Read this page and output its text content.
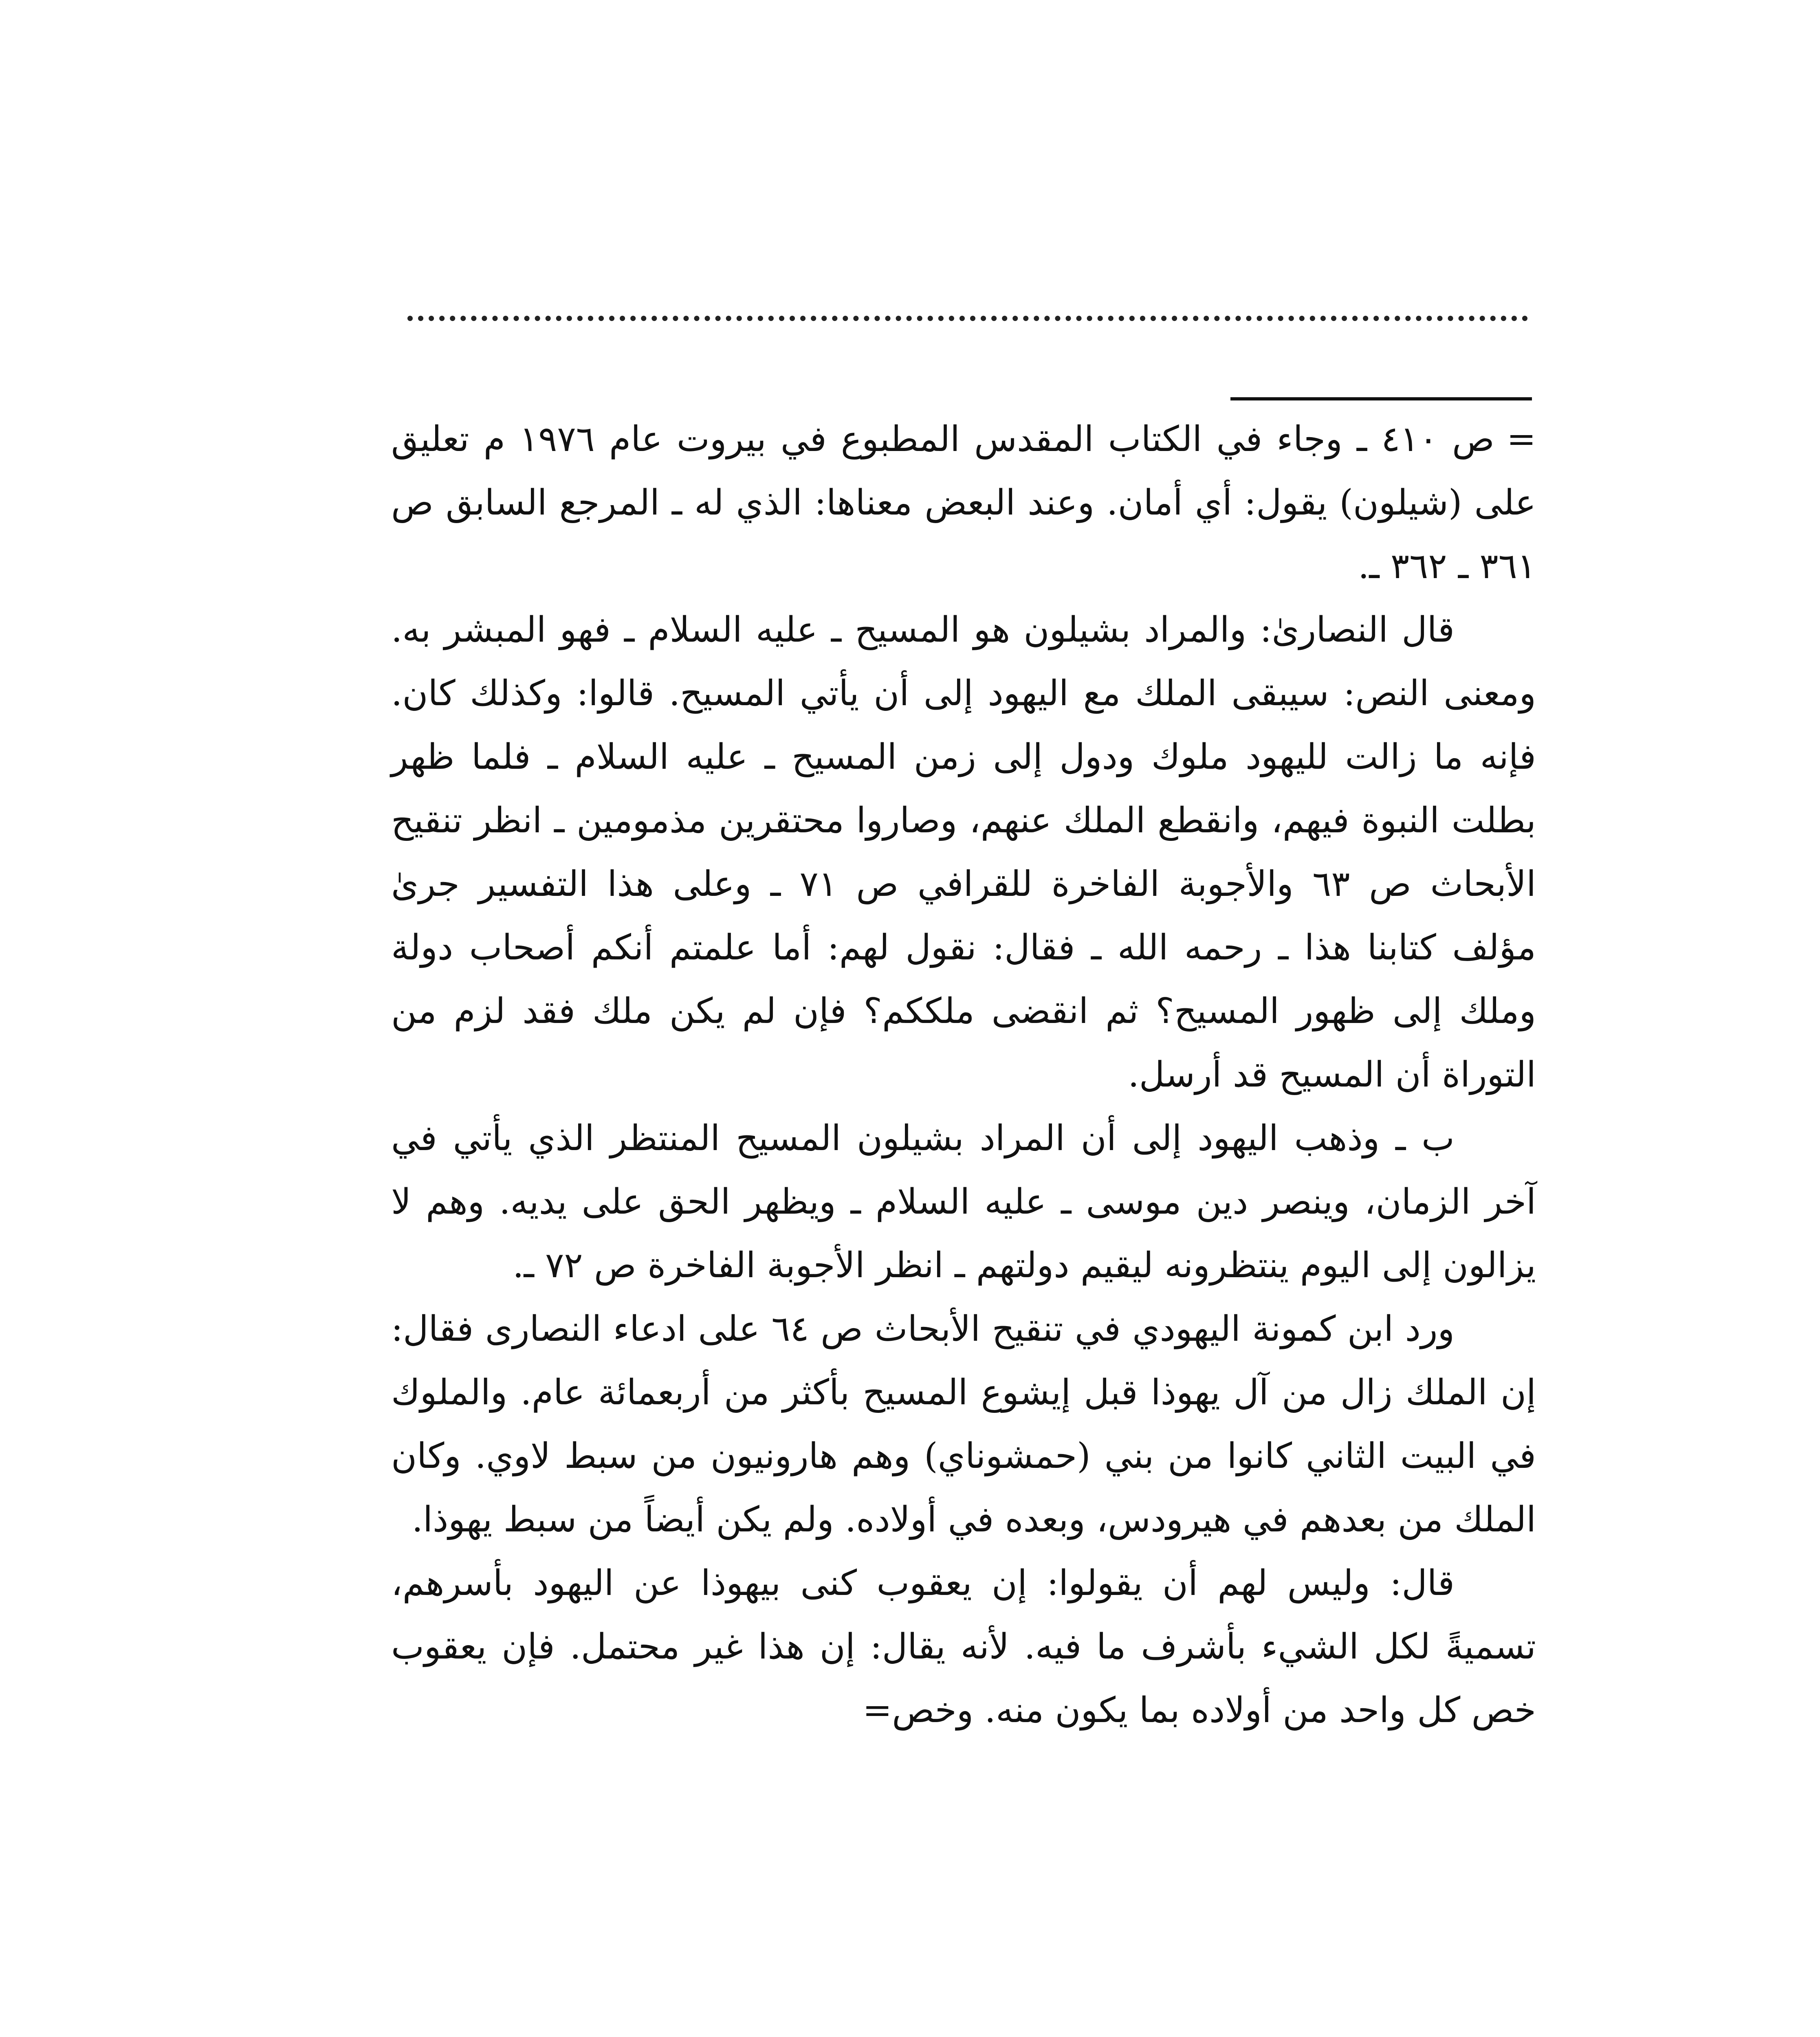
=ص ٤١٠ ـ وجاء في الكتاب المقدس المطبوع في بيروت عام ١٩٧٦ م تعليق على (شيلون) يقول: أي أمان. وعند البعض معناها: الذي له ـ المرجع السابق ص ٣٦١ ـ ٣٦٢ ـ.

قال النصارىٰ: والمراد بشيلون هو المسيح ـ عليه السلام ـ فهو المبشر به. ومعنى النص: سيبقى الملك مع اليهود إلى أن يأتي المسيح. قالوا: وكذلك كان. فإنه ما زالت لليهود ملوك ودول إلى زمن المسيح ـ عليه السلام ـ فلما ظهر بطلت النبوة فيهم، وانقطع الملك عنهم، وصاروا محتقرين مذمومين ـ انظر تنقيح الأبحاث ص ٦٣ والأجوبة الفاخرة للقرافي ص ٧١ ـ وعلى هذا التفسير جرىٰ مؤلف كتابنا هذا ـ رحمه الله ـ فقال: نقول لهم: أما علمتم أنكم أصحاب دولة وملك إلى ظهور المسيح؟ ثم انقضى ملككم؟ فإن لم يكن ملك فقد لزم من التوراة أن المسيح قد أرسل.

ب ـ وذهب اليهود إلى أن المراد بشيلون المسيح المنتظر الذي يأتي في آخر الزمان، وينصر دين موسى ـ عليه السلام ـ ويظهر الحق على يديه. وهم لا يزالون إلى اليوم ينتظرونه ليقيم دولتهم ـ انظر الأجوبة الفاخرة ص ٧٢ ـ.

ورد ابن كمونة اليهودي في تنقيح الأبحاث ص ٦٤ على ادعاء النصارى فقال: إن الملك زال من آل يهوذا قبل إيشوع المسيح بأكثر من أربعمائة عام. والملوك في البيت الثاني كانوا من بني (حمشوناي) وهم هارونيون من سبط لاوي. وكان الملك من بعدهم في هيرودس، وبعده في أولاده. ولم يكن أيضاً من سبط يهوذا.

قال: وليس لهم أن يقولوا: إن يعقوب كنى بيهوذا عن اليهود بأسرهم، تسميةً لكل الشيء بأشرف ما فيه. لأنه يقال: إن هذا غير محتمل. فإن يعقوب خص كل واحد من أولاده بما يكون منه. وخص=
